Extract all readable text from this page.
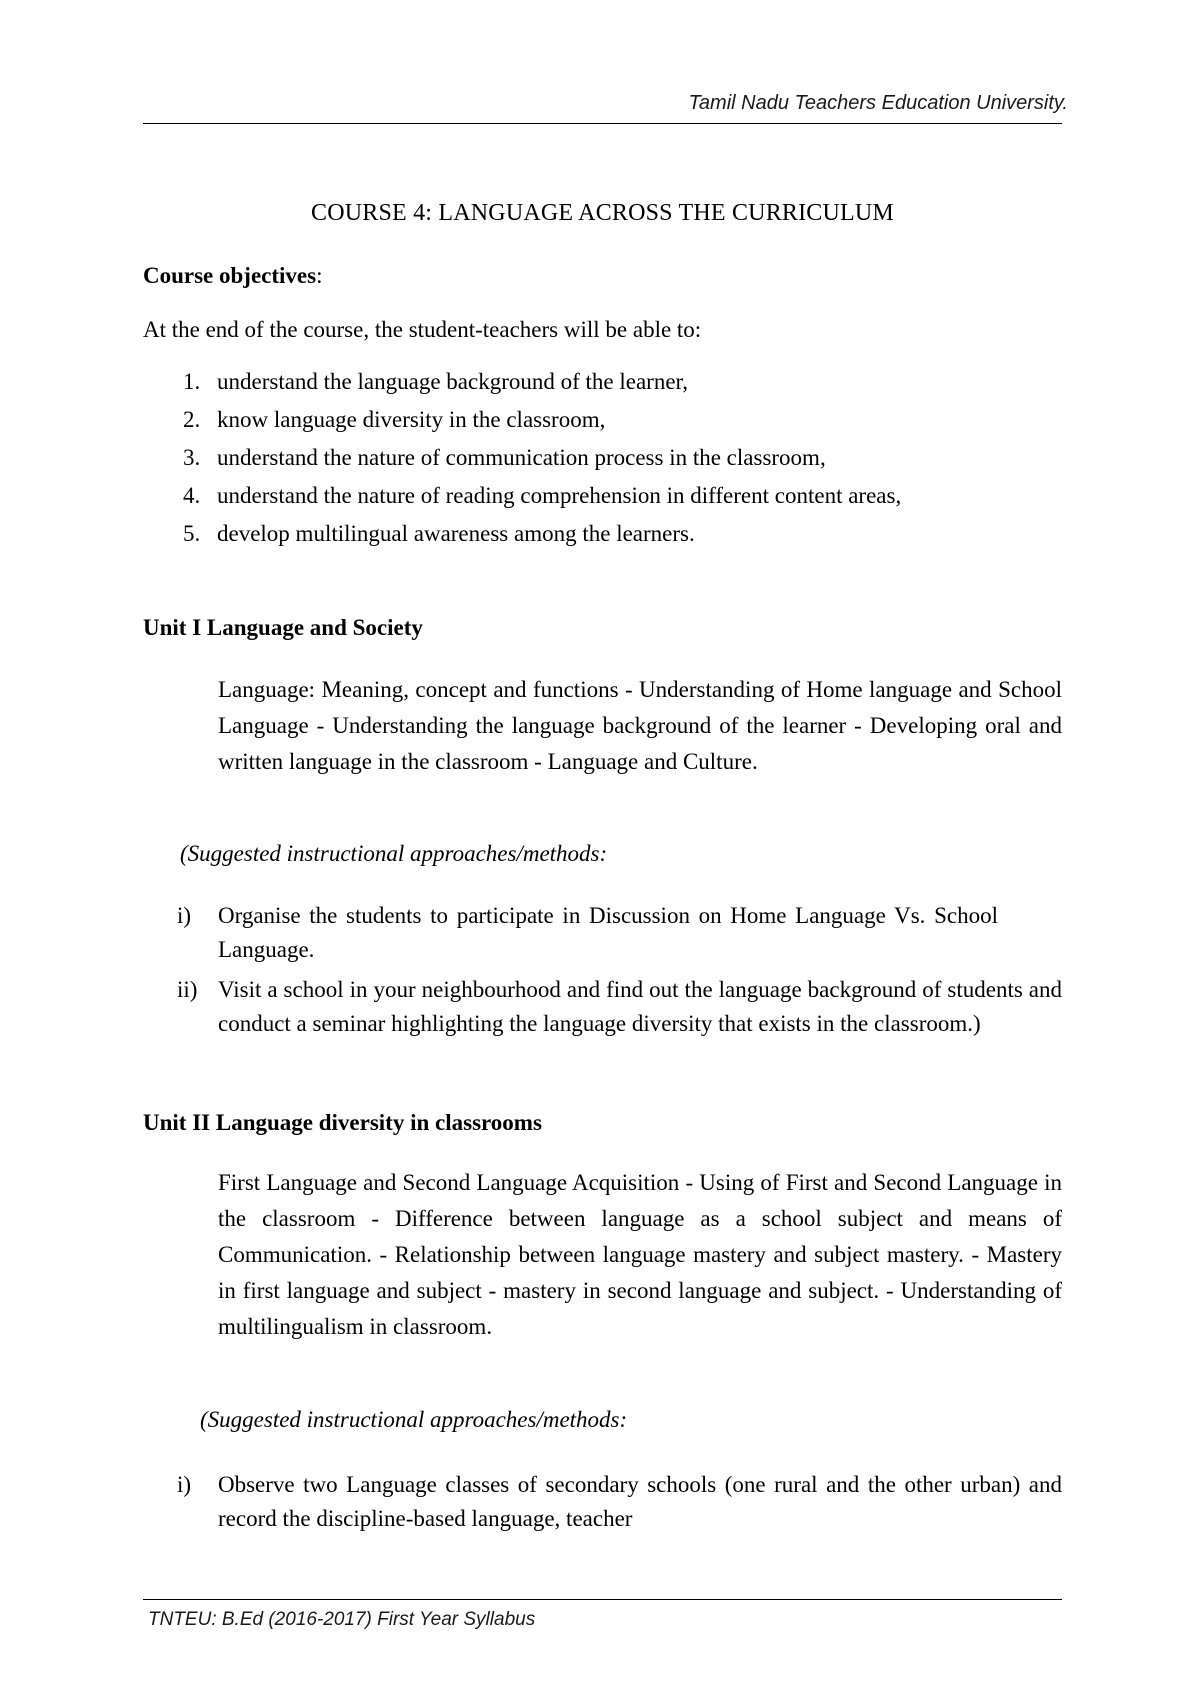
Tamil Nadu Teachers Education University.
COURSE 4: LANGUAGE ACROSS THE CURRICULUM
Course objectives:
At the end of the course, the student-teachers will be able to:
1. understand the language background of the learner,
2. know language diversity in the classroom,
3. understand the nature of communication process in the classroom,
4. understand the nature of reading comprehension in different content areas,
5. develop multilingual awareness among the learners.
Unit I Language and Society
Language: Meaning, concept and functions - Understanding of Home language and School Language - Understanding the language background of the learner - Developing oral and written language in the classroom - Language and Culture.
(Suggested instructional approaches/methods:
i) Organise the students to participate in Discussion on Home Language Vs. School Language.
ii) Visit a school in your neighbourhood and find out the language background of students and conduct a seminar highlighting the language diversity that exists in the classroom.)
Unit II Language diversity in classrooms
First Language and Second Language Acquisition - Using of First and Second Language in the classroom - Difference between language as a school subject and means of Communication. - Relationship between language mastery and subject mastery. - Mastery in first language and subject - mastery in second language and subject. - Understanding of multilingualism in classroom.
(Suggested instructional approaches/methods:
i) Observe two Language classes of secondary schools (one rural and the other urban) and record the discipline-based language, teacher
TNTEU: B.Ed (2016-2017) First Year Syllabus
